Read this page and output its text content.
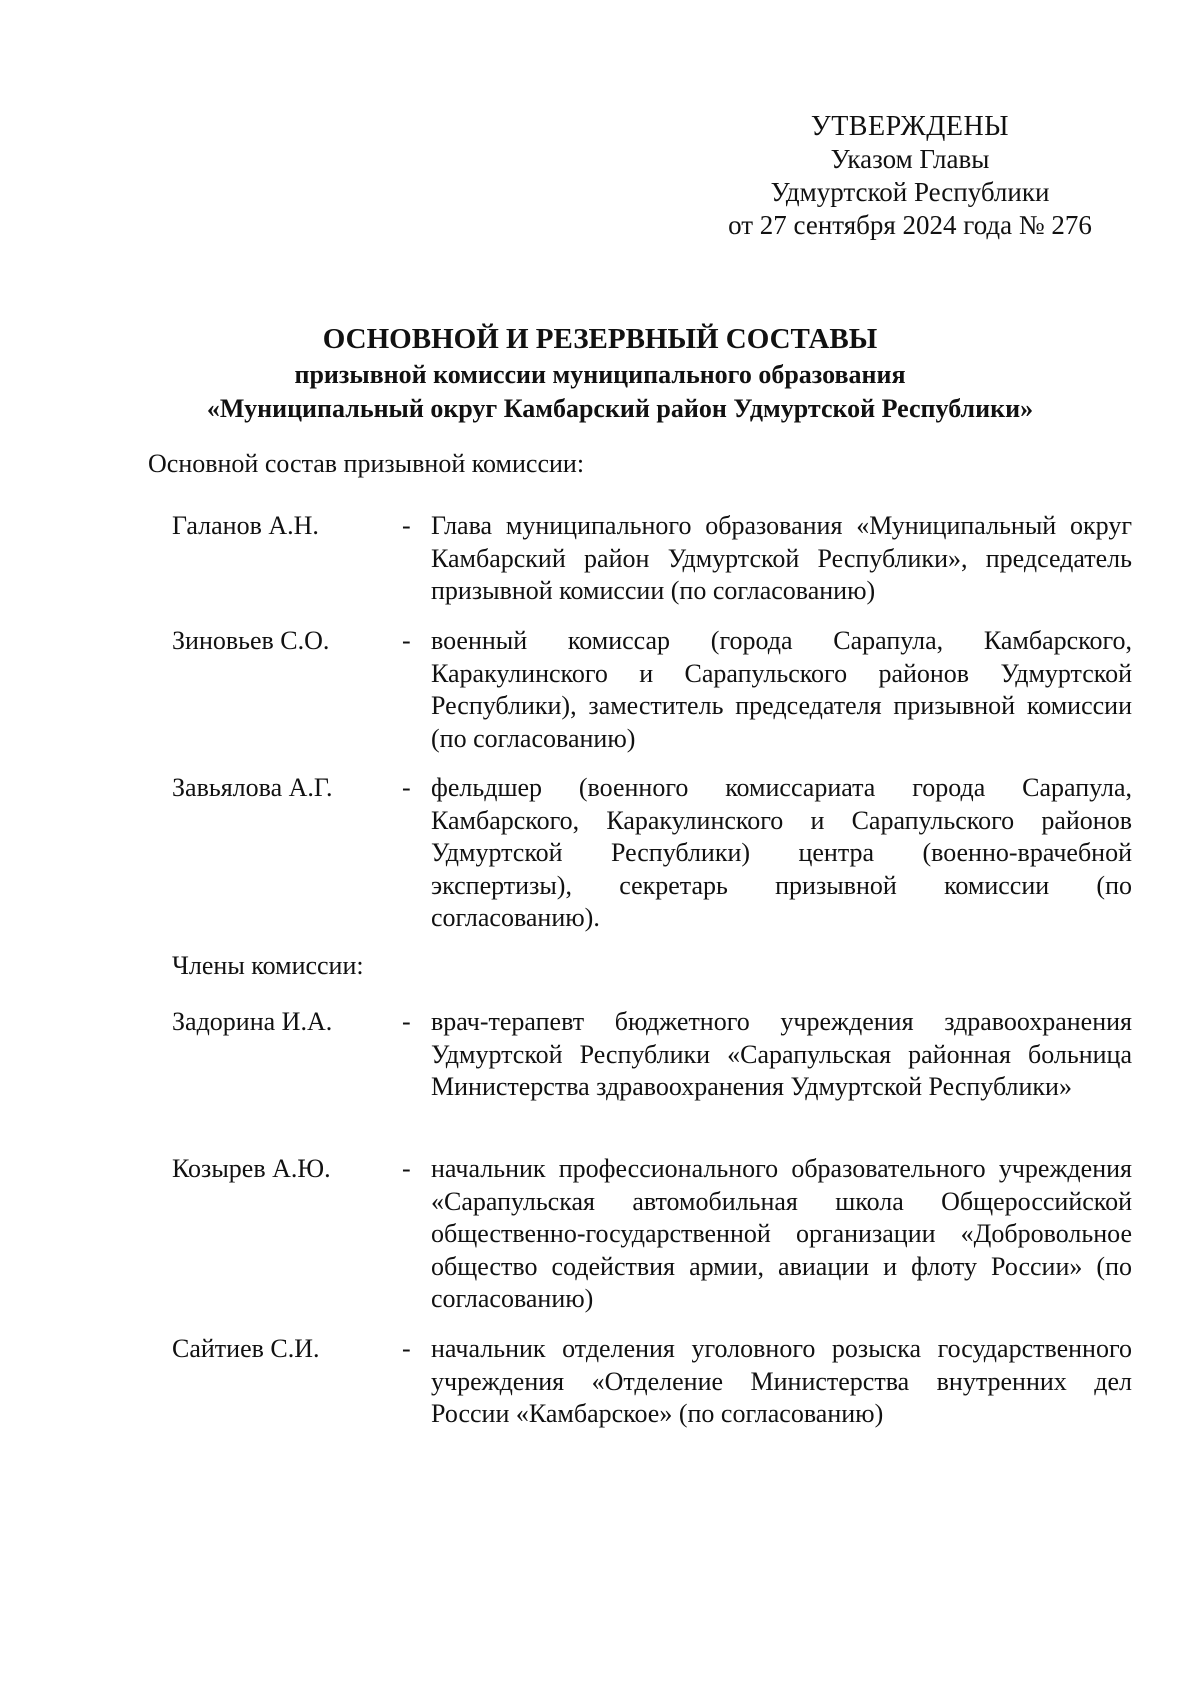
УТВЕРЖДЕНЫ
Указом Главы
Удмуртской Республики
от 27 сентября 2024 года № 276
ОСНОВНОЙ И РЕЗЕРВНЫЙ СОСТАВЫ
призывной комиссии муниципального образования
«Муниципальный округ Камбарский район Удмуртской Республики»
Основной состав призывной комиссии:
Галанов А.Н.	- Глава муниципального образования «Муниципальный округ Камбарский район Удмуртской Республики», председатель призывной комиссии (по согласованию)
Зиновьев С.О.	- военный комиссар (города Сарапула, Камбарского, Каракулинского и Сарапульского районов Удмуртской Республики), заместитель председателя призывной комиссии (по согласованию)
Завьялова А.Г.	- фельдшер (военного комиссариата города Сарапула, Камбарского, Каракулинского и Сарапульского районов Удмуртской Республики) центра (военно-врачебной экспертизы), секретарь призывной комиссии (по согласованию).
Члены комиссии:
Задорина И.А.	- врач-терапевт бюджетного учреждения здравоохранения Удмуртской Республики «Сарапульская районная больница Министерства здравоохранения Удмуртской Республики»
Козырев А.Ю.	- начальник профессионального образовательного учреждения «Сарапульская автомобильная школа Общероссийской общественно-государственной организации «Добровольное общество содействия армии, авиации и флоту России» (по согласованию)
Сайтиев С.И.	- начальник отделения уголовного розыска государственного учреждения «Отделение Министерства внутренних дел России «Камбарское» (по согласованию)
